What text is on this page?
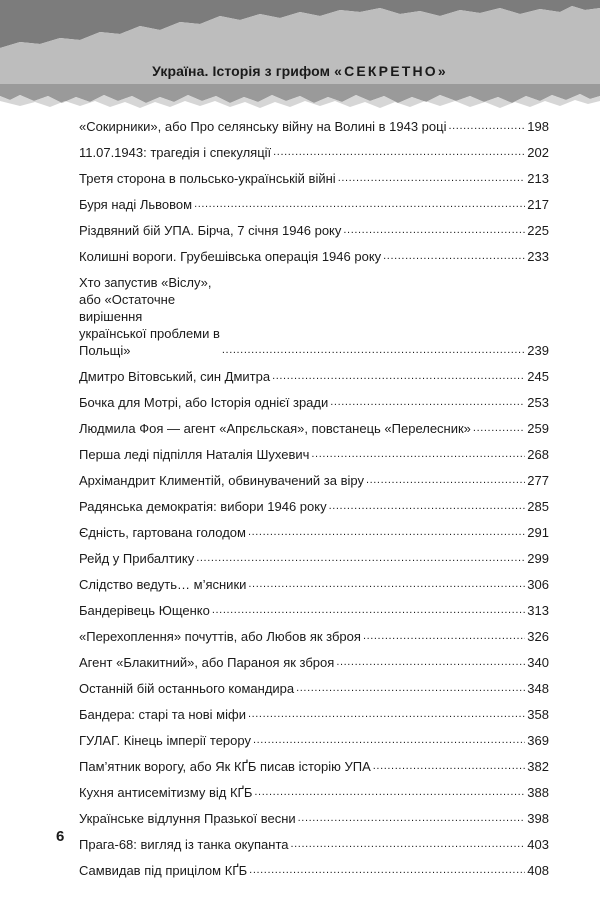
Україна. Історія з грифом «СЕКРЕТНО»
«Сокирники», або Про селянську війну на Волині в 1943 році .....	198
11.07.1943: трагедія і спекуляції .....	202
Третя сторона в польсько-українській війні .....	213
Буря наді Львовом .....	217
Різдвяний бій УПА. Бірча, 7 січня 1946 року .....	225
Колишні вороги. Грубешівська операція 1946 року .....	233
Хто запустив «Віслу», або «Остаточне вирішення
української проблеми в Польщі» .....	239
Дмитро Вітовський, син Дмитра .....	245
Бочка для Мотрі, або Історія однієї зради .....	253
Людмила Фоя — агент «Апрєльская», повстанець «Перелесник» .....	259
Перша леді підпілля Наталія Шухевич .....	268
Архімандрит Климентій, обвинувачений за віру .....	277
Радянська демократія: вибори 1946 року .....	285
Єдність, гартована голодом .....	291
Рейд у Прибалтику .....	299
Слідство ведуть… м’ясники .....	306
Бандерівець Ющенко .....	313
«Перехоплення» почуттів, або Любов як зброя .....	326
Агент «Блакитний», або Параноя як зброя .....	340
Останній бій останнього командира .....	348
Бандера: старі та нові міфи .....	358
ГУЛАГ. Кінець імперії терору .....	369
Пам’ятник ворогу, або Як КҐБ писав історію УПА .....	382
Кухня антисемітизму від КҐБ .....	388
Українське відлуння Празької весни .....	398
Прага-68: вигляд із танка окупанта .....	403
Самвидав під прицілом КҐБ .....	408
6
